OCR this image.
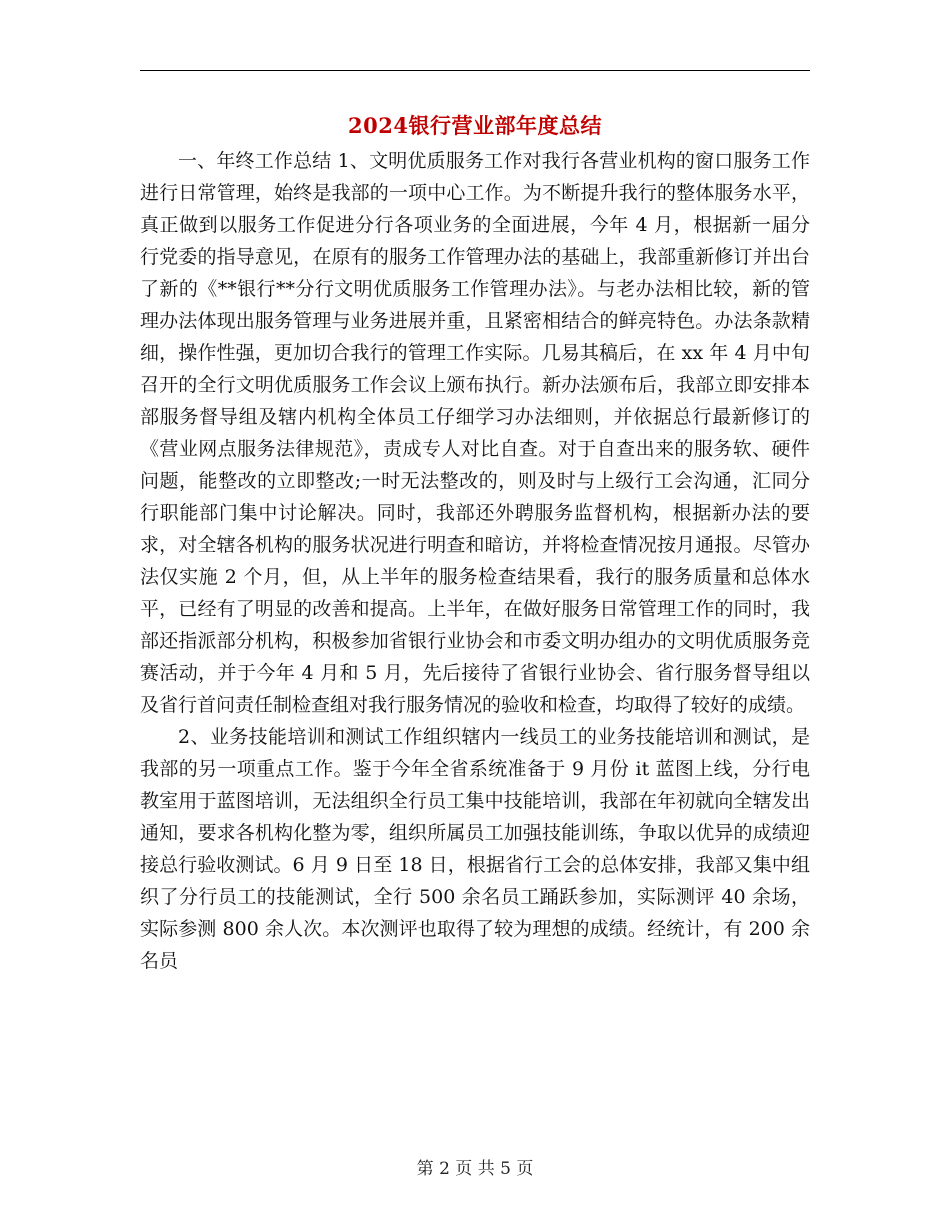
2024银行营业部年度总结

一、年终工作总结 1、文明优质服务工作对我行各营业机构的窗口服务工作进行日常管理，始终是我部的一项中心工作。为不断提升我行的整体服务水平，真正做到以服务工作促进分行各项业务的全面进展，今年 4 月，根据新一届分行党委的指导意见，在原有的服务工作管理办法的基础上，我部重新修订并出台了新的《**银行**分行文明优质服务工作管理办法》。与老办法相比较，新的管理办法体现出服务管理与业务进展并重，且紧密相结合的鲜亮特色。办法条款精细，操作性强，更加切合我行的管理工作实际。几易其稿后，在 xx 年 4 月中旬召开的全行文明优质服务工作会议上颁布执行。新办法颁布后，我部立即安排本部服务督导组及辖内机构全体员工仔细学习办法细则，并依据总行最新修订的《营业网点服务法律规范》，责成专人对比自查。对于自查出来的服务软、硬件问题，能整改的立即整改;一时无法整改的，则及时与上级行工会沟通，汇同分行职能部门集中讨论解决。同时，我部还外聘服务监督机构，根据新办法的要求，对全辖各机构的服务状况进行明查和暗访，并将检查情况按月通报。尽管办法仅实施 2 个月，但，从上半年的服务检查结果看，我行的服务质量和总体水平，已经有了明显的改善和提高。上半年，在做好服务日常管理工作的同时，我部还指派部分机构，积极参加省银行业协会和市委文明办组办的文明优质服务竞赛活动，并于今年 4 月和 5 月，先后接待了省银行业协会、省行服务督导组以及省行首问责任制检查组对我行服务情况的验收和检查，均取得了较好的成绩。

2、业务技能培训和测试工作组织辖内一线员工的业务技能培训和测试，是我部的另一项重点工作。鉴于今年全省系统准备于 9 月份 it 蓝图上线，分行电教室用于蓝图培训，无法组织全行员工集中技能培训，我部在年初就向全辖发出通知，要求各机构化整为零，组织所属员工加强技能训练，争取以优异的成绩迎接总行验收测试。6 月 9 日至 18 日，根据省行工会的总体安排，我部又集中组织了分行员工的技能测试，全行 500 余名员工踊跃参加，实际测评 40 余场，实际参测 800 余人次。本次测评也取得了较为理想的成绩。经统计，有 200 余名员

第 2 页 共 5 页
